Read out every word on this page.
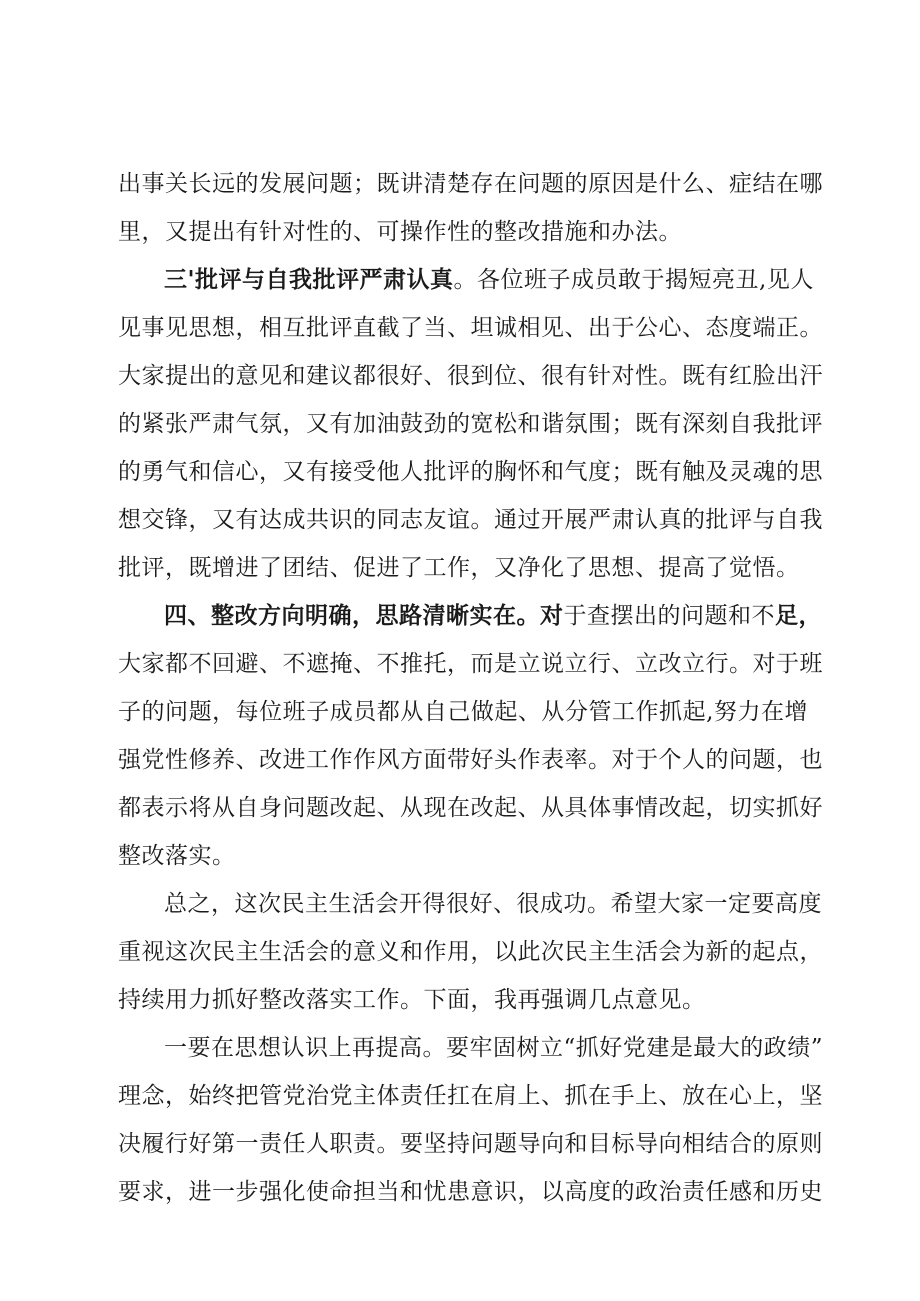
出事关长远的发展问题；既讲清楚存在问题的原因是什么、症结在哪
里，又提出有针对性的、可操作性的整改措施和办法。
三'批评与自我批评严肃认真。各位班子成员敢于揭短亮丑,见人
见事见思想，相互批评直截了当、坦诚相见、出于公心、态度端正。
大家提出的意见和建议都很好、很到位、很有针对性。既有红脸出汗
的紧张严肃气氛，又有加油鼓劲的宽松和谐氛围；既有深刻自我批评
的勇气和信心，又有接受他人批评的胸怀和气度；既有触及灵魂的思
想交锋，又有达成共识的同志友谊。通过开展严肃认真的批评与自我
批评，既增进了团结、促进了工作，又净化了思想、提高了觉悟。
四、整改方向明确，思路清晰实在。对于查摆出的问题和不足，
大家都不回避、不遮掩、不推托，而是立说立行、立改立行。对于班
子的问题，每位班子成员都从自己做起、从分管工作抓起,努力在增
强党性修养、改进工作作风方面带好头作表率。对于个人的问题，也
都表示将从自身问题改起、从现在改起、从具体事情改起，切实抓好
整改落实。
总之，这次民主生活会开得很好、很成功。希望大家一定要高度
重视这次民主生活会的意义和作用，以此次民主生活会为新的起点，
持续用力抓好整改落实工作。下面，我再强调几点意见。
一要在思想认识上再提高。要牢固树立“抓好党建是最大的政绩”
理念，始终把管党治党主体责任扛在肩上、抓在手上、放在心上，坚
决履行好第一责任人职责。要坚持问题导向和目标导向相结合的原则
要求，进一步强化使命担当和忧患意识，以高度的政治责任感和历史
